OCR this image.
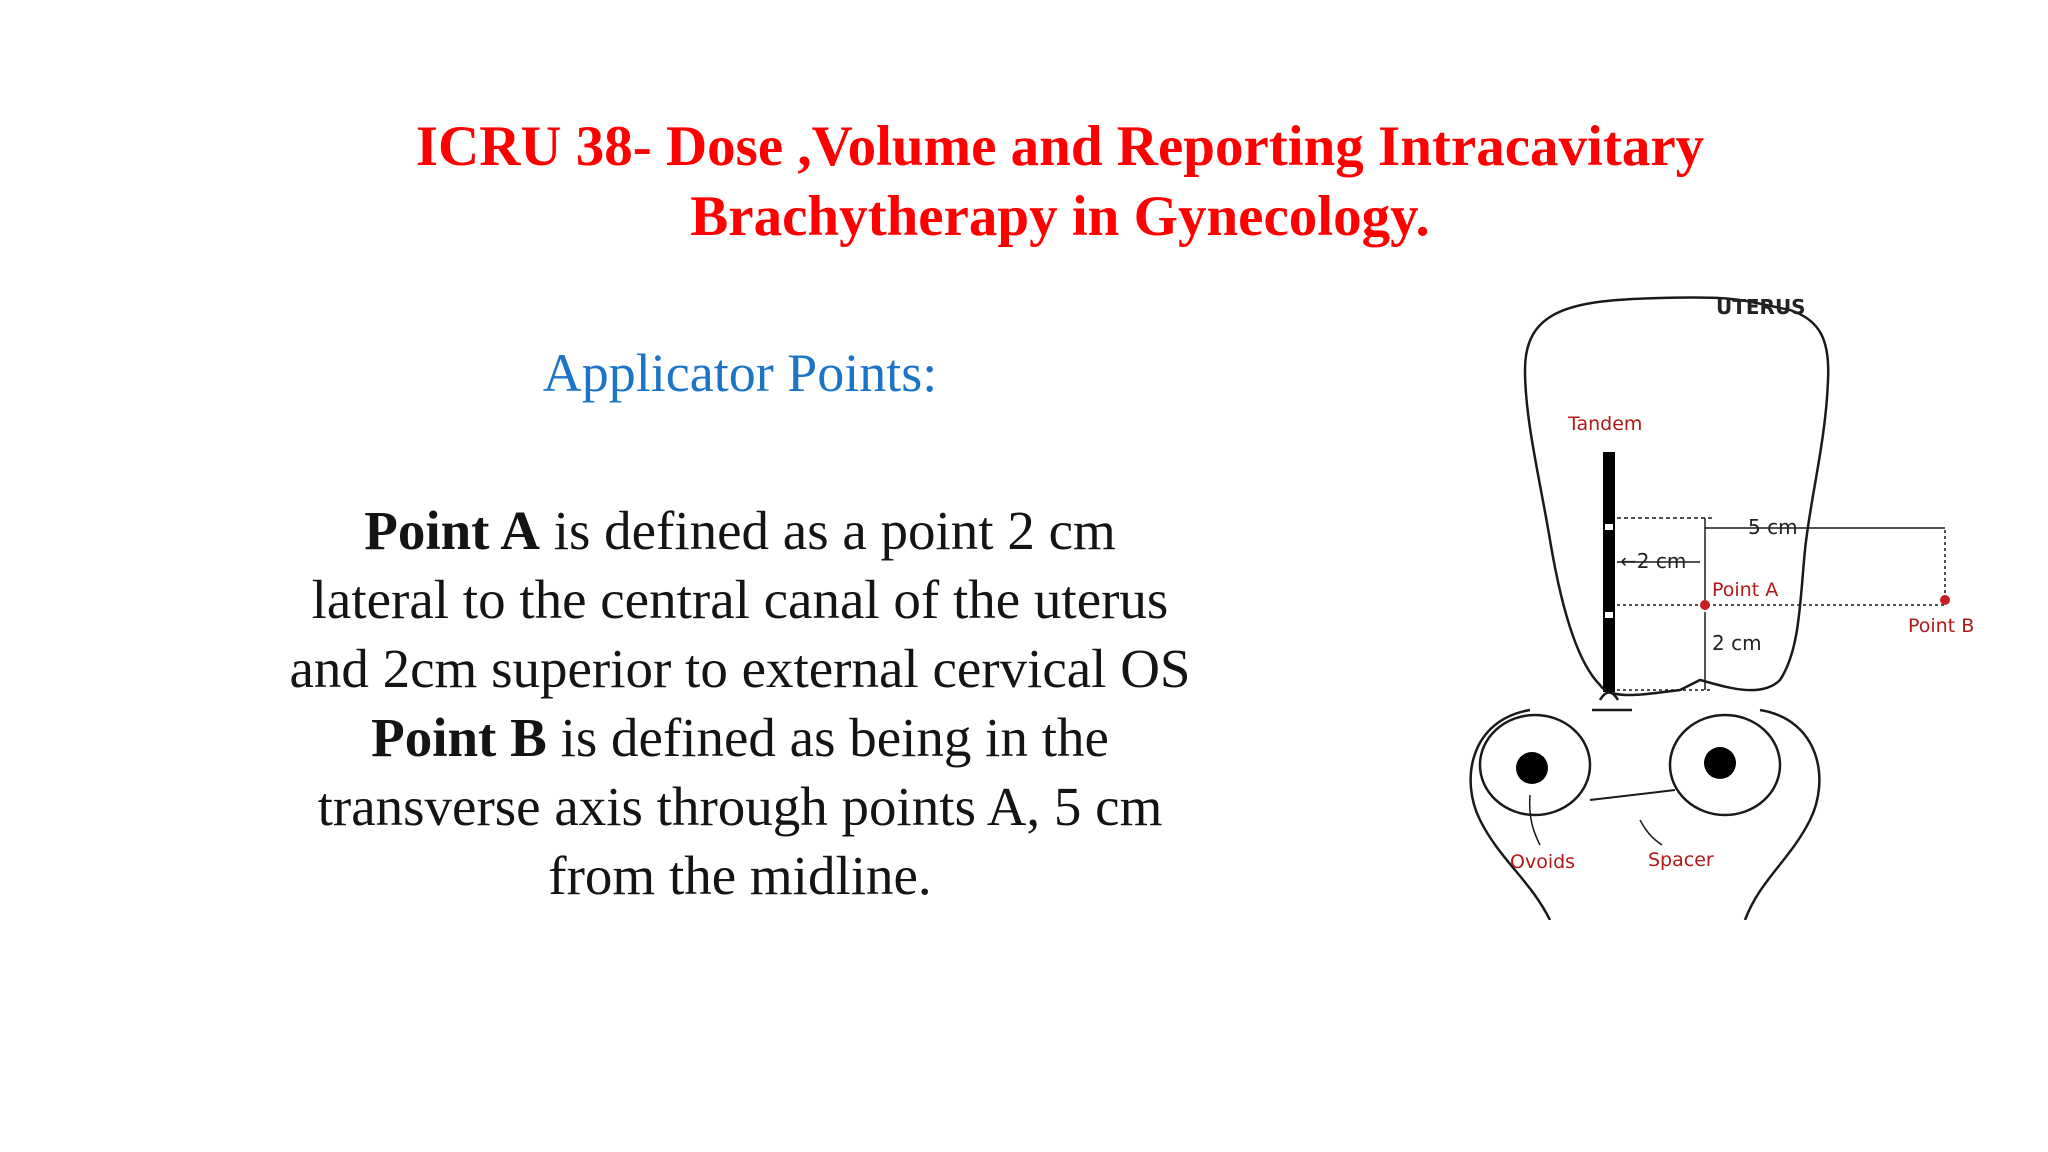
ICRU 38- Dose ,Volume and Reporting Intracavitary
Brachytherapy in Gynecology.
Applicator Points:
Point A is defined as a point 2 cm
lateral to the central canal of the uterus
and 2cm superior to external cervical OS
Point B is defined as being in the
transverse axis through points A, 5 cm
from the midline.
UTERUS
Tandem
←2 cm
5 cm
Point A
Point B
2 cm
Ovoids	Spacer
